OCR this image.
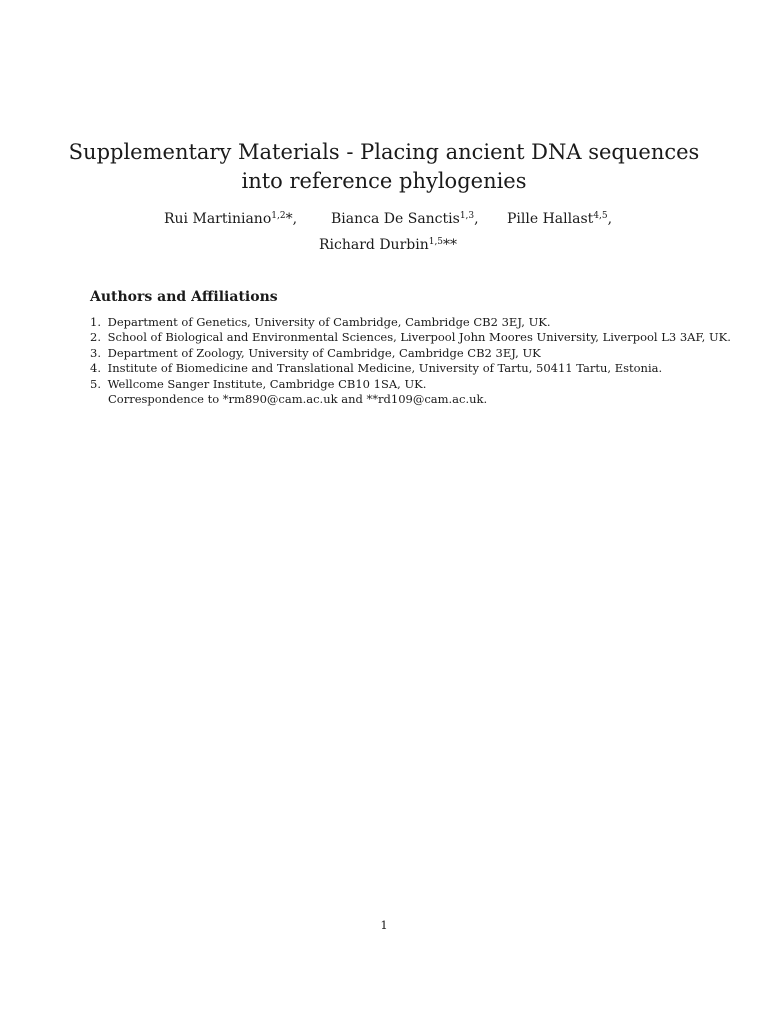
Supplementary Materials - Placing ancient DNA sequences
into reference phylogenies
Rui Martiniano$^{1,2}$*, Bianca De Sanctis$^{1,3}$, Pille Hallast$^{4,5}$,
Richard Durbin$^{1,5}$**
Authors and Affiliations
1. Department of Genetics, University of Cambridge, Cambridge CB2 3EJ, UK.
2. School of Biological and Environmental Sciences, Liverpool John Moores University, Liverpool L3 3AF, UK.
3. Department of Zoology, University of Cambridge, Cambridge CB2 3EJ, UK
4. Institute of Biomedicine and Translational Medicine, University of Tartu, 50411 Tartu, Estonia.
5. Wellcome Sanger Institute, Cambridge CB10 1SA, UK.
Correspondence to *rm890@cam.ac.uk and **rd109@cam.ac.uk.
1
